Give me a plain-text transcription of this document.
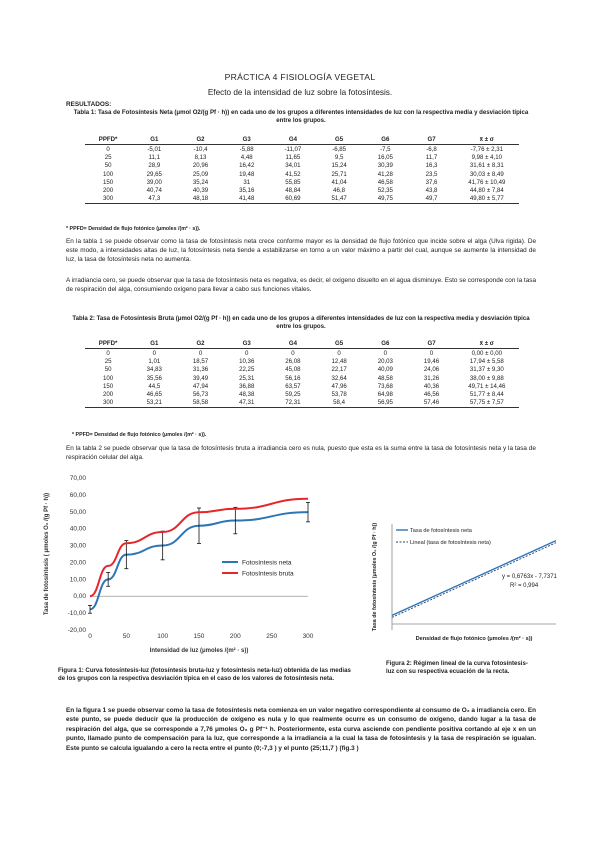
PRÁCTICA 4 FISIOLOGÍA VEGETAL
Efecto de la intensidad de luz sobre la fotosíntesis.
RESULTADOS:
Tabla 1: Tasa de Fotosíntesis Neta (μmol O2/(g Pf · h)) en cada uno de los grupos a diferentes intensidades de luz con la respectiva media y desviación típica entre los grupos.
PPFD*	G1	G2	G3	G4	G5	G6	G7	x̄ ± σ
0	-5,01	-10,4	-5,88	-11,07	-6,85	-7,5	-6,8	-7,76 ± 2,31
25	11,1	8,13	4,48	11,65	9,5	16,05	11,7	9,98 ± 4,10
50	28,9	20,96	16,42	34,01	15,24	30,39	16,3	31,61 ± 8,31
100	29,65	25,09	19,48	41,52	25,71	41,28	23,5	30,03 ± 8,49
150	39,00	35,24	31	55,85	41,04	46,58	37,6	41,76 ± 10,49
200	40,74	40,39	35,16	48,84	46,8	52,35	43,8	44,80 ± 7,84
300	47,3	48,18	41,48	60,69	51,47	49,75	49,7	49,80 ± 5,77
* PPFD= Densidad de flujo fotónico (μmoles /(m² · s)).
En la tabla 1 se puede observar como la tasa de fotosíntesis neta crece conforme mayor es la densidad de flujo fotónico que incide sobre el alga (Ulva rigida). De este modo, a intensidades altas de luz, la fotosíntesis neta tiende a estabilizarse en torno a un valor máximo a partir del cual, aunque se aumente la intensidad de luz, la tasa de fotosíntesis neta no aumenta.
A irradiancia cero, se puede observar que la tasa de fotosíntesis neta es negativa, es decir, el oxígeno disuelto en el agua disminuye. Esto se corresponde con la tasa de respiración del alga, consumiendo oxígeno para llevar a cabo sus funciones vitales.
Tabla 2: Tasa de Fotosíntesis Bruta (μmol O2/(g Pf · h)) en cada uno de los grupos a diferentes intensidades de luz con la respectiva media y desviación típica entre los grupos.
PPFD*	G1	G2	G3	G4	G5	G6	G7	x̄ ± σ
0	0	0	0	0	0	0	0	0,00 ± 0,00
25	1,01	18,57	10,36	26,08	12,48	20,03	19,46	17,94 ± 5,58
50	34,83	31,36	22,25	45,08	22,17	40,09	24,06	31,37 ± 9,30
100	35,56	39,49	25,31	56,16	32,64	48,58	31,26	38,00 ± 9,88
150	44,5	47,94	36,88	63,57	47,96	73,68	40,36	49,71 ± 14,46
200	46,65	56,73	48,38	59,25	53,78	64,98	46,56	51,77 ± 8,44
300	53,21	58,58	47,31	72,31	58,4	56,95	57,46	57,75 ± 7,57
* PPFD= Densidad de flujo fotónico (μmoles /(m² · s)).
En la tabla 2 se puede observar que la tasa de fotosíntesis bruta a irradiancia cero es nula, puesto que esta es la suma entre la tasa de fotosíntesis neta y la tasa de respiración celular del alga.
-20,00
-10,00
0,00
10,00
20,00
30,00
40,00
50,00
60,00
70,00
0	50	100	150	200	250	300
Intensidad de luz (μmoles /(m² · s))
Tasa de fotosíntesis ( μmoles O₂ /(g Pf · h))	Fotosíntesis neta
Fotosíntesis bruta
Tasa de fotosíntesis neta
Lineal (tasa de fotosíntesis neta)
y = 0,6763x - 7,7371
R² = 0,994
Densidad de flujo fotónico (μmoles /(m² · s))
Tasa de fotosíntesis (μmoles O₂ /(g Pf · h))
Figura 1: Curva fotosíntesis-luz (fotosíntesis bruta-luz y fotosíntesis neta-luz) obtenida de las medias de los grupos con la respectiva desviación típica en el caso de los valores de fotosíntesis neta.
Figura 2: Régimen lineal de la curva fotosíntesis-luz con su respectiva ecuación de la recta.
En la figura 1 se puede observar como la tasa de fotosíntesis neta comienza en un valor negativo correspondiente al consumo de O₂ a irradiancia cero. En este punto, se puede deducir que la producción de oxígeno es nula y lo que realmente ocurre es un consumo de oxígeno, dando lugar a la tasa de respiración del alga, que se corresponde a 7,76 μmoles O₂ g Pf⁻¹ h. Posteriormente, esta curva asciende con pendiente positiva cortando al eje x en un punto, llamado punto de compensación para la luz, que corresponde a la irradiancia a la cual la tasa de fotosíntesis y la tasa de respiración se igualan. Este punto se calcula igualando a cero la recta entre el punto (0;-7,3 ) y el punto (25;11,7 ) (fig.3 )
